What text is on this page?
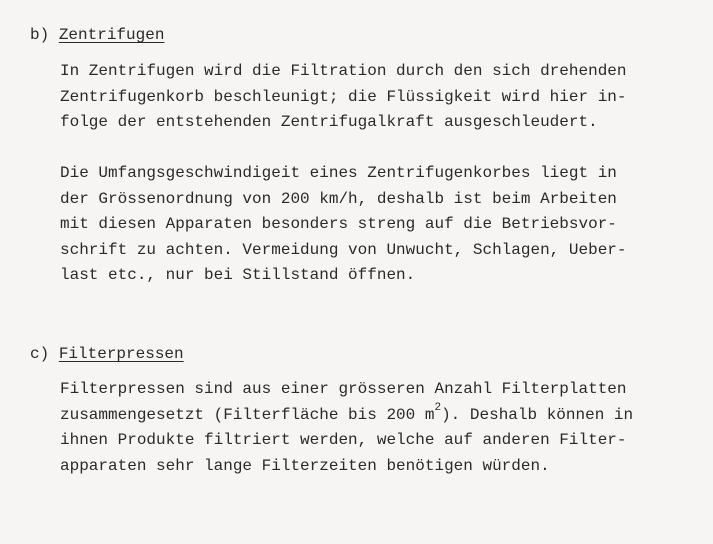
b) Zentrifugen

In Zentrifugen wird die Filtration durch den sich drehenden
Zentrifugenkorb beschleunigt; die Flüssigkeit wird hier in-
folge der entstehenden Zentrifugalkraft ausgeschleudert.

Die Umfangsgeschwindigeit eines Zentrifugenkorbes liegt in
der Grössenordnung von 200 km/h, deshalb ist beim Arbeiten
mit diesen Apparaten besonders streng auf die Betriebsvor-
schrift zu achten. Vermeidung von Unwucht, Schlagen, Ueber-
last etc., nur bei Stillstand öffnen.

c) Filterpressen

Filterpressen sind aus einer grösseren Anzahl Filterplatten
zusammengesetzt (Filterfläche bis 200 $m^2$). Deshalb können in
ihnen Produkte filtriert werden, welche auf anderen Filter-
apparaten sehr lange Filterzeiten benötigen würden.
